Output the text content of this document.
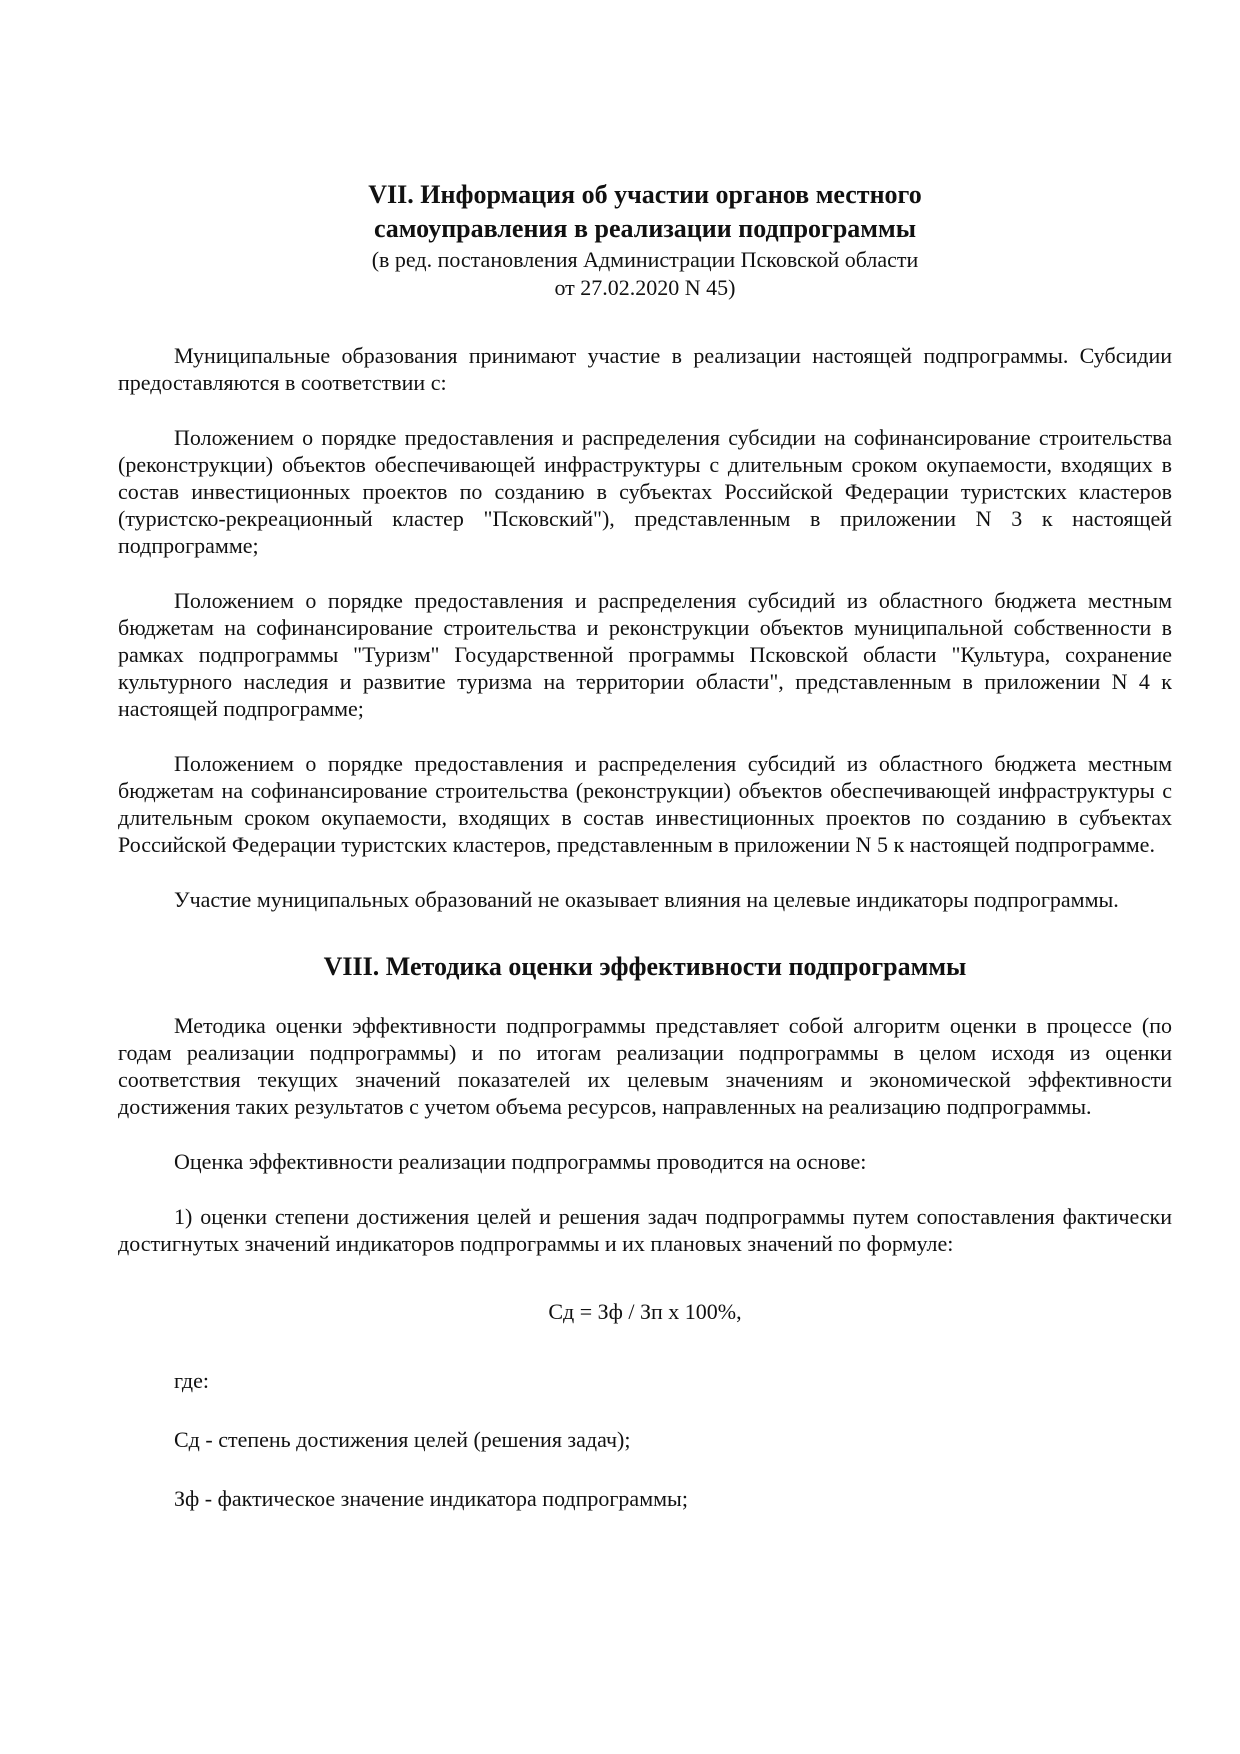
VII. Информация об участии органов местного
самоуправления в реализации подпрограммы

(в ред. постановления Администрации Псковской области
от 27.02.2020 N 45)

Муниципальные образования принимают участие в реализации настоящей подпрограммы. Субсидии предоставляются в соответствии с:

Положением о порядке предоставления и распределения субсидии на софинансирование строительства (реконструкции) объектов обеспечивающей инфраструктуры с длительным сроком окупаемости, входящих в состав инвестиционных проектов по созданию в субъектах Российской Федерации туристских кластеров (туристско-рекреационный кластер "Псковский"), представленным в приложении N 3 к настоящей подпрограмме;

Положением о порядке предоставления и распределения субсидий из областного бюджета местным бюджетам на софинансирование строительства и реконструкции объектов муниципальной собственности в рамках подпрограммы "Туризм" Государственной программы Псковской области "Культура, сохранение культурного наследия и развитие туризма на территории области", представленным в приложении N 4 к настоящей подпрограмме;

Положением о порядке предоставления и распределения субсидий из областного бюджета местным бюджетам на софинансирование строительства (реконструкции) объектов обеспечивающей инфраструктуры с длительным сроком окупаемости, входящих в состав инвестиционных проектов по созданию в субъектах Российской Федерации туристских кластеров, представленным в приложении N 5 к настоящей подпрограмме.

Участие муниципальных образований не оказывает влияния на целевые индикаторы подпрограммы.

VIII. Методика оценки эффективности подпрограммы

Методика оценки эффективности подпрограммы представляет собой алгоритм оценки в процессе (по годам реализации подпрограммы) и по итогам реализации подпрограммы в целом исходя из оценки соответствия текущих значений показателей их целевым значениям и экономической эффективности достижения таких результатов с учетом объема ресурсов, направленных на реализацию подпрограммы.

Оценка эффективности реализации подпрограммы проводится на основе:

1) оценки степени достижения целей и решения задач подпрограммы путем сопоставления фактически достигнутых значений индикаторов подпрограммы и их плановых значений по формуле:

Сд = Зф / Зп х 100%,

где:

Сд - степень достижения целей (решения задач);

Зф - фактическое значение индикатора подпрограммы;
